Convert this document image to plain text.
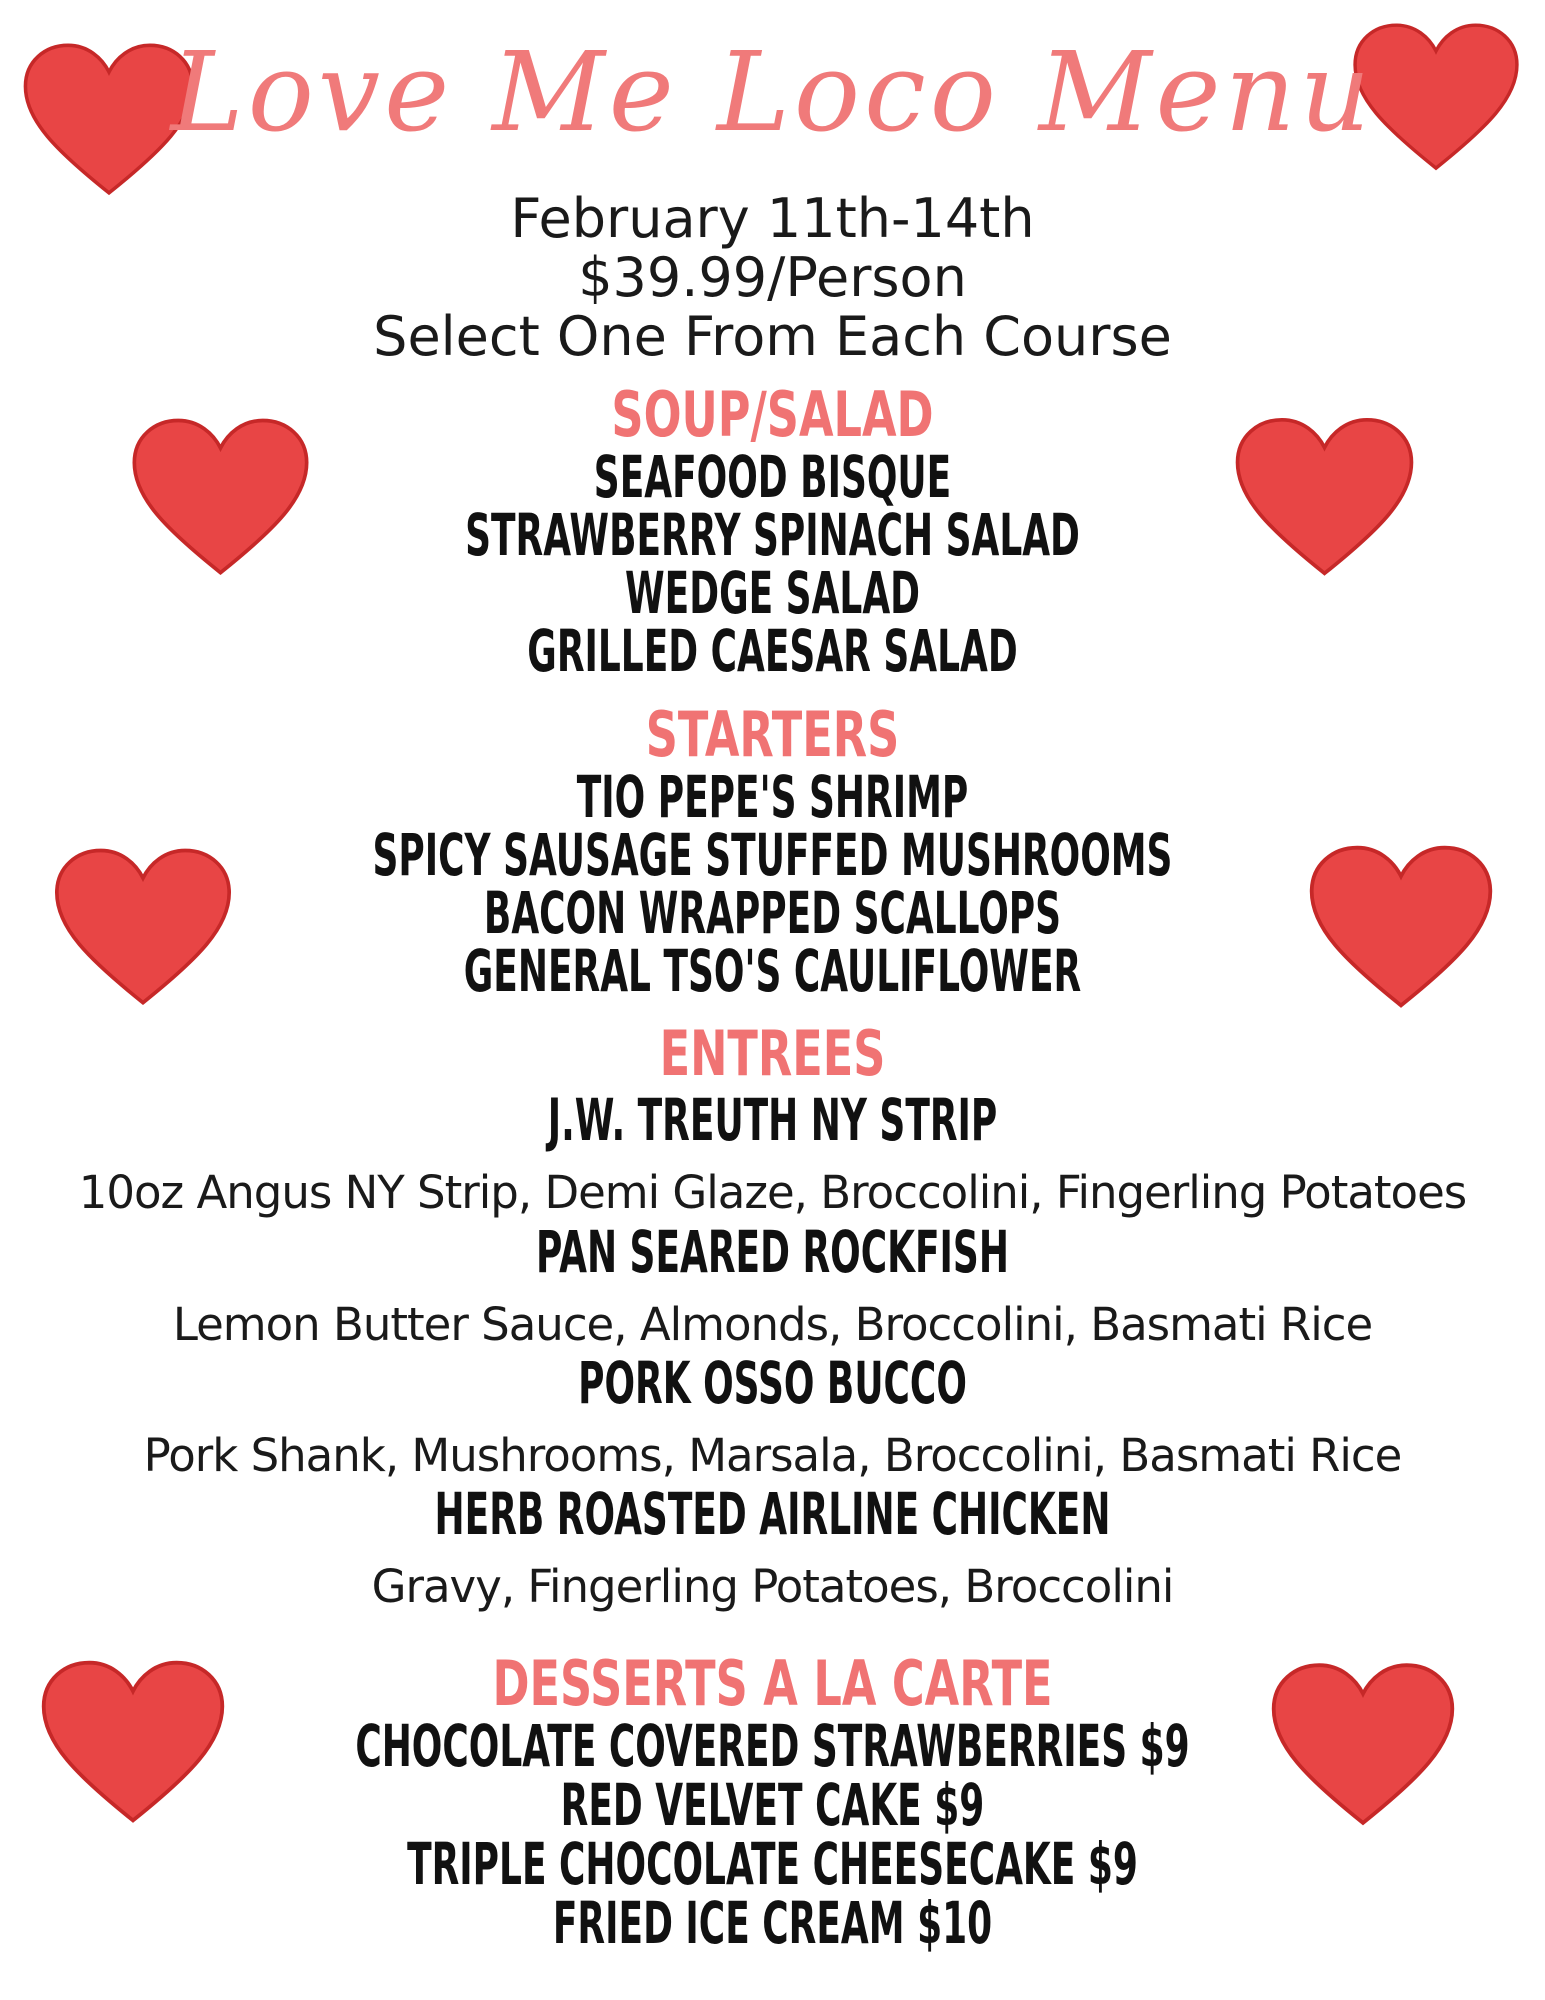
Love Me Loco Menu
February 11th-14th
$39.99/Person
Select One From Each Course
SOUP/SALAD
SEAFOOD BISQUE
STRAWBERRY SPINACH SALAD
WEDGE SALAD
GRILLED CAESAR SALAD
STARTERS
TIO PEPE'S SHRIMP
SPICY SAUSAGE STUFFED MUSHROOMS
BACON WRAPPED SCALLOPS
GENERAL TSO'S CAULIFLOWER
ENTREES
J.W. TREUTH NY STRIP
10oz Angus NY Strip, Demi Glaze, Broccolini, Fingerling Potatoes
PAN SEARED ROCKFISH
Lemon Butter Sauce, Almonds, Broccolini, Basmati Rice
PORK OSSO BUCCO
Pork Shank, Mushrooms, Marsala, Broccolini, Basmati Rice
HERB ROASTED AIRLINE CHICKEN
Gravy, Fingerling Potatoes, Broccolini
DESSERTS A LA CARTE
CHOCOLATE COVERED STRAWBERRIES $9
RED VELVET CAKE $9
TRIPLE CHOCOLATE CHEESECAKE $9
FRIED ICE CREAM $10
